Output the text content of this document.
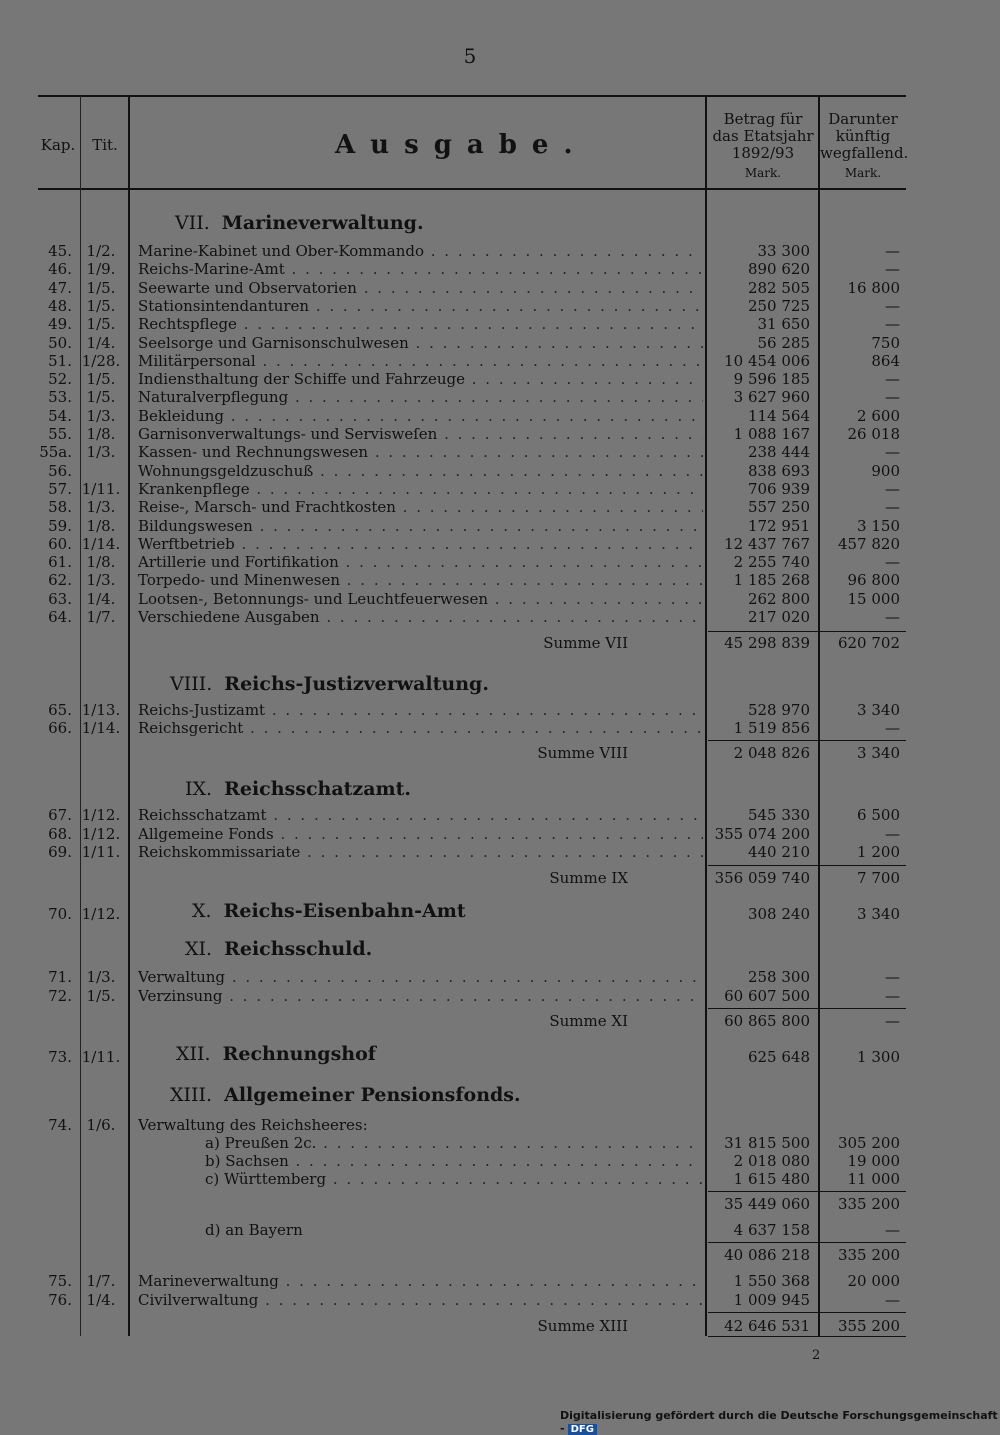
5
Kap.	Tit.	Ausgabe.
Betrag für
das Etatsjahr
1892/93
Mark.
Darunter
künftig
wegfallend.
Mark.
VII. Marineverwaltung.
45. 1/2.	Marine-Kabinet und Ober-Kommando . . .	33 300	—
46. 1/9.	Reichs-Marine-Amt . . .	890 620	—
47. 1/5.	Seewarte und Observatorien . . .	282 505	16 800
48. 1/5.	Stationsintendanturen . . .	250 725	—
49. 1/5.	Rechtspflege . . .	31 650	—
50. 1/4.	Seelsorge und Garnisonschulwesen . . .	56 285	750
51. 1/28. Militärpersonal . . .	10 454 006	864
52. 1/5.	Indiensthaltung der Schiffe und Fahrzeuge . . .	9 596 185	—
53. 1/5.	Naturalverpflegung . . .	3 627 960	—
54. 1/3.	Bekleidung . . .	114 564	2 600
55. 1/8.	Garnisonverwaltungs- und Servisweſen . . .	1 088 167	26 018
55a. 1/3.	Kassen- und Rechnungswesen . . .	238 444	—
56.	Wohnungsgeldzuschuß . . .	838 693	900
57. 1/11. Krankenpflege . . .	706 939	—
58. 1/3.	Reise-, Marsch- und Frachtkosten . . .	557 250	—
59. 1/8.	Bildungswesen . . .	172 951	3 150
60. 1/14. Werftbetrieb . . .	12 437 767	457 820
61. 1/8.	Artillerie und Fortifikation . . .	2 255 740	—
62. 1/3.	Torpedo- und Minenwesen . . .	1 185 268	96 800
63. 1/4.	Lootsen-, Betonnungs- und Leuchtfeuerwesen . . .	262 800	15 000
64. 1/7.	Verschiedene Ausgaben . . .	217 020	—
Summe VII	45 298 839	620 702
VIII. Reichs-Justizverwaltung.
65. 1/13. Reichs-Justizamt . . .	528 970	3 340
66. 1/14. Reichsgericht . . .	1 519 856	—
Summe VIII	2 048 826	3 340
IX. Reichsschatzamt.
67. 1/12. Reichsschatzamt . . .	545 330	6 500
68. 1/12. Allgemeine Fonds . . .	355 074 200	—
69. 1/11. Reichskommissariate . . .	440 210	1 200
Summe IX	356 059 740	7 700
70. 1/12.	X. Reichs-Eisenbahn-Amt	308 240	3 340
XI. Reichsschuld.
71. 1/3.	Verwaltung . . .	258 300	—
72. 1/5.	Verzinsung . . .	60 607 500	—
Summe XI	60 865 800	—
73. 1/11.	XII. Rechnungshof	625 648	1 300
XIII. Allgemeiner Pensionsfonds.
74. 1/6.	Verwaltung des Reichsheeres:
a) Preußen 2c. . . .	31 815 500	305 200
b) Sachsen . . .	2 018 080	19 000
c) Württemberg . . .	1 615 480	11 000
35 449 060	335 200
d) an Bayern	4 637 158	—
40 086 218	335 200
75. 1/7.	Marineverwaltung . . .	1 550 368	20 000
76. 1/4.	Civilverwaltung . . .	1 009 945	—
Summe XIII	42 646 531	355 200
2
Digitalisierung gefördert durch die Deutsche Forschungsgemeinschaft - DFG
